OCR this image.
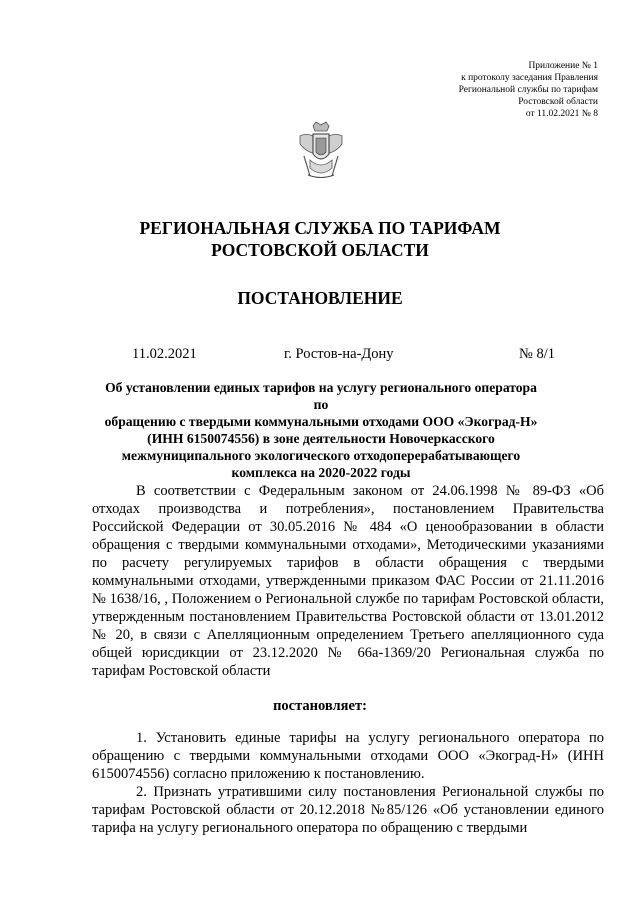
Приложение № 1
к протоколу заседания Правления
Региональной службы по тарифам
Ростовской области
от 11.02.2021 № 8
РЕГИОНАЛЬНАЯ СЛУЖБА ПО ТАРИФАМ
РОСТОВСКОЙ ОБЛАСТИ
ПОСТАНОВЛЕНИЕ
11.02.2021	г. Ростов-на-Дону	№ 8/1
Об установлении единых тарифов на услугу регионального оператора по
обращению с твердыми коммунальными отходами ООО «Экоград-Н»
(ИНН 6150074556) в зоне деятельности Новочеркасского
межмуниципального экологического отходоперерабатывающего
комплекса на 2020-2022 годы
В соответствии с Федеральным законом от 24.06.1998 № 89-ФЗ «Об отходах производства и потребления», постановлением Правительства Российской Федерации от 30.05.2016 № 484 «О ценообразовании в области обращения с твердыми коммунальными отходами», Методическими указаниями по расчету регулируемых тарифов в области обращения с твердыми коммунальными отходами, утвержденными приказом ФАС России от 21.11.2016 № 1638/16, , Положением о Региональной службе по тарифам Ростовской области, утвержденным постановлением Правительства Ростовской области от 13.01.2012 № 20, в связи с Апелляционным определением Третьего апелляционного суда общей юрисдикции от 23.12.2020 № 66а-1369/20 Региональная служба по тарифам Ростовской области
постановляет:
1. Установить единые тарифы на услугу регионального оператора по обращению с твердыми коммунальными отходами ООО «Экоград-Н» (ИНН 6150074556) согласно приложению к постановлению.
2. Признать утратившими силу постановления Региональной службы по тарифам Ростовской области от 20.12.2018 №85/126 «Об установлении единого тарифа на услугу регионального оператора по обращению с твердыми
